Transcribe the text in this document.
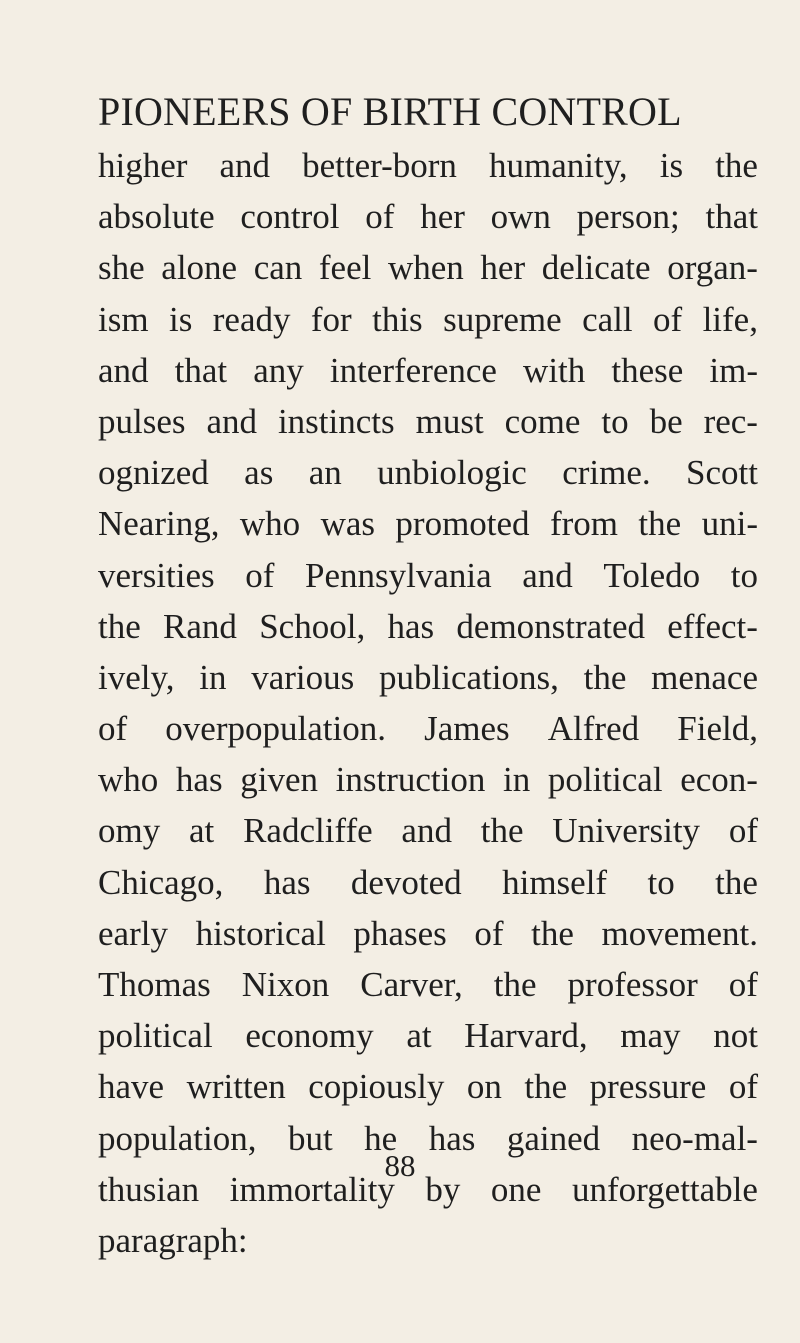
PIONEERS OF BIRTH CONTROL
higher and better-born humanity, is the
absolute control of her own person; that
she alone can feel when her delicate organ-
ism is ready for this supreme call of life,
and that any interference with these im-
pulses and instincts must come to be rec-
ognized as an unbiologic crime. Scott
Nearing, who was promoted from the uni-
versities of Pennsylvania and Toledo to
the Rand School, has demonstrated effect-
ively, in various publications, the menace
of overpopulation. James Alfred Field,
who has given instruction in political econ-
omy at Radcliffe and the University of
Chicago, has devoted himself to the
early historical phases of the movement.
Thomas Nixon Carver, the professor of
political economy at Harvard, may not
have written copiously on the pressure of
population, but he has gained neo-mal-
thusian immortality by one unforgettable
paragraph:
88
